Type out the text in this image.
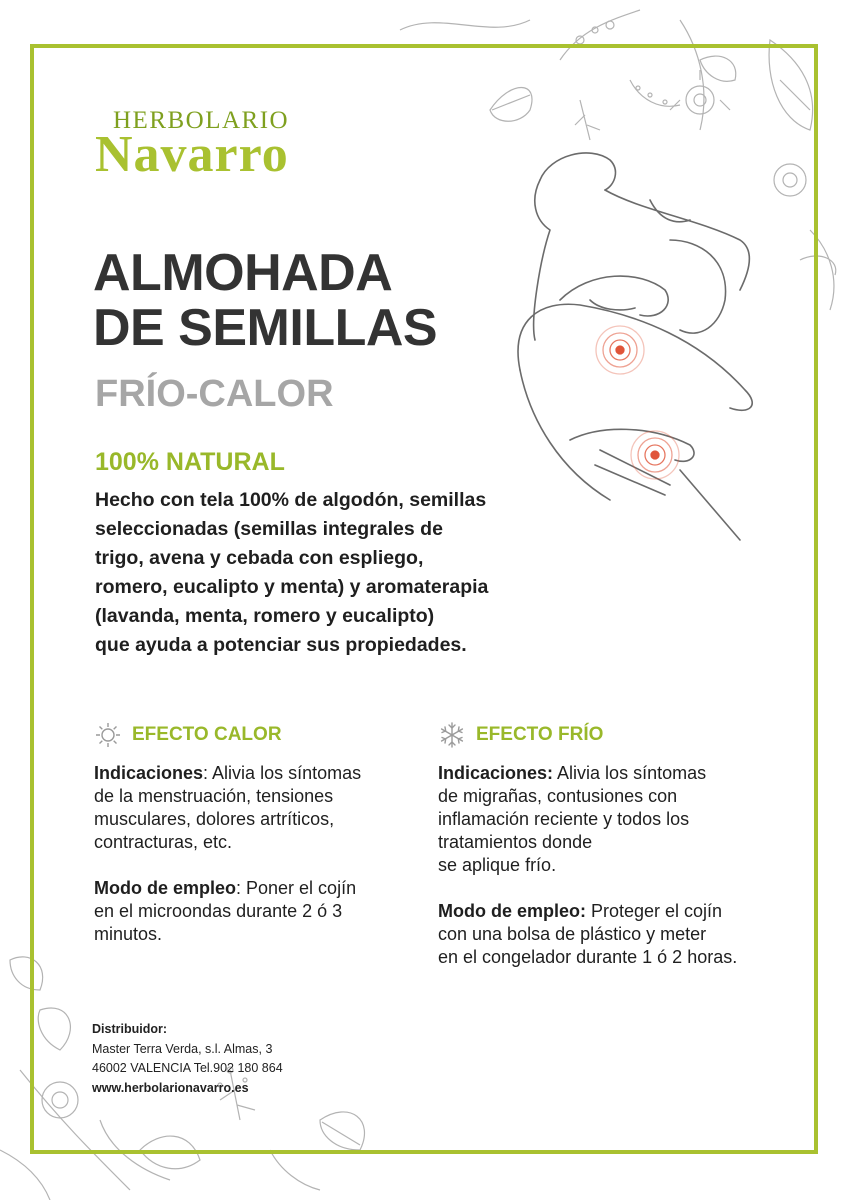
HERBOLARIO
Navarro
ALMOHADA
DE SEMILLAS
FRÍO-CALOR
100% NATURAL
Hecho con tela 100% de algodón, semillas
seleccionadas (semillas integrales de
trigo, avena y cebada con espliego,
romero, eucalipto y menta) y aromaterapia
(lavanda, menta, romero y eucalipto)
que ayuda a potenciar sus propiedades.
EFECTO CALOR

Indicaciones: Alivia los síntomas
de la menstruación, tensiones
musculares, dolores artríticos,
contracturas, etc.

Modo de empleo: Poner el cojín
en el microondas durante 2 ó 3
minutos.

EFECTO FRÍO

Indicaciones: Alivia los síntomas
de migrañas, contusiones con
inflamación reciente y todos los
tratamientos donde
se aplique frío.

Modo de empleo: Proteger el cojín
con una bolsa de plástico y meter
en el congelador durante 1 ó 2 horas.

Distribuidor:
Master Terra Verda, s.l. Almas, 3
46002 VALENCIA Tel.902 180 864
www.herbolarionavarro.es
